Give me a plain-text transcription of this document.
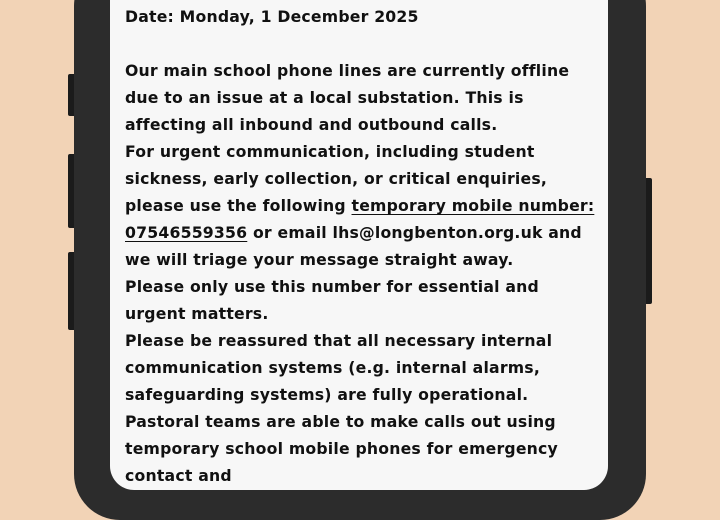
Date: Monday, 1 December 2025

Our main school phone lines are currently offline due to an issue at a local substation. This is affecting all inbound and outbound calls.

For urgent communication, including student sickness, early collection, or critical enquiries, please use the following temporary mobile number: 07546559356 or email lhs@longbenton.org.uk and we will triage your message straight away.

Please only use this number for essential and urgent matters.

Please be reassured that all necessary internal communication systems (e.g. internal alarms, safeguarding systems) are fully operational. Pastoral teams are able to make calls out using temporary school mobile phones for emergency contact and
